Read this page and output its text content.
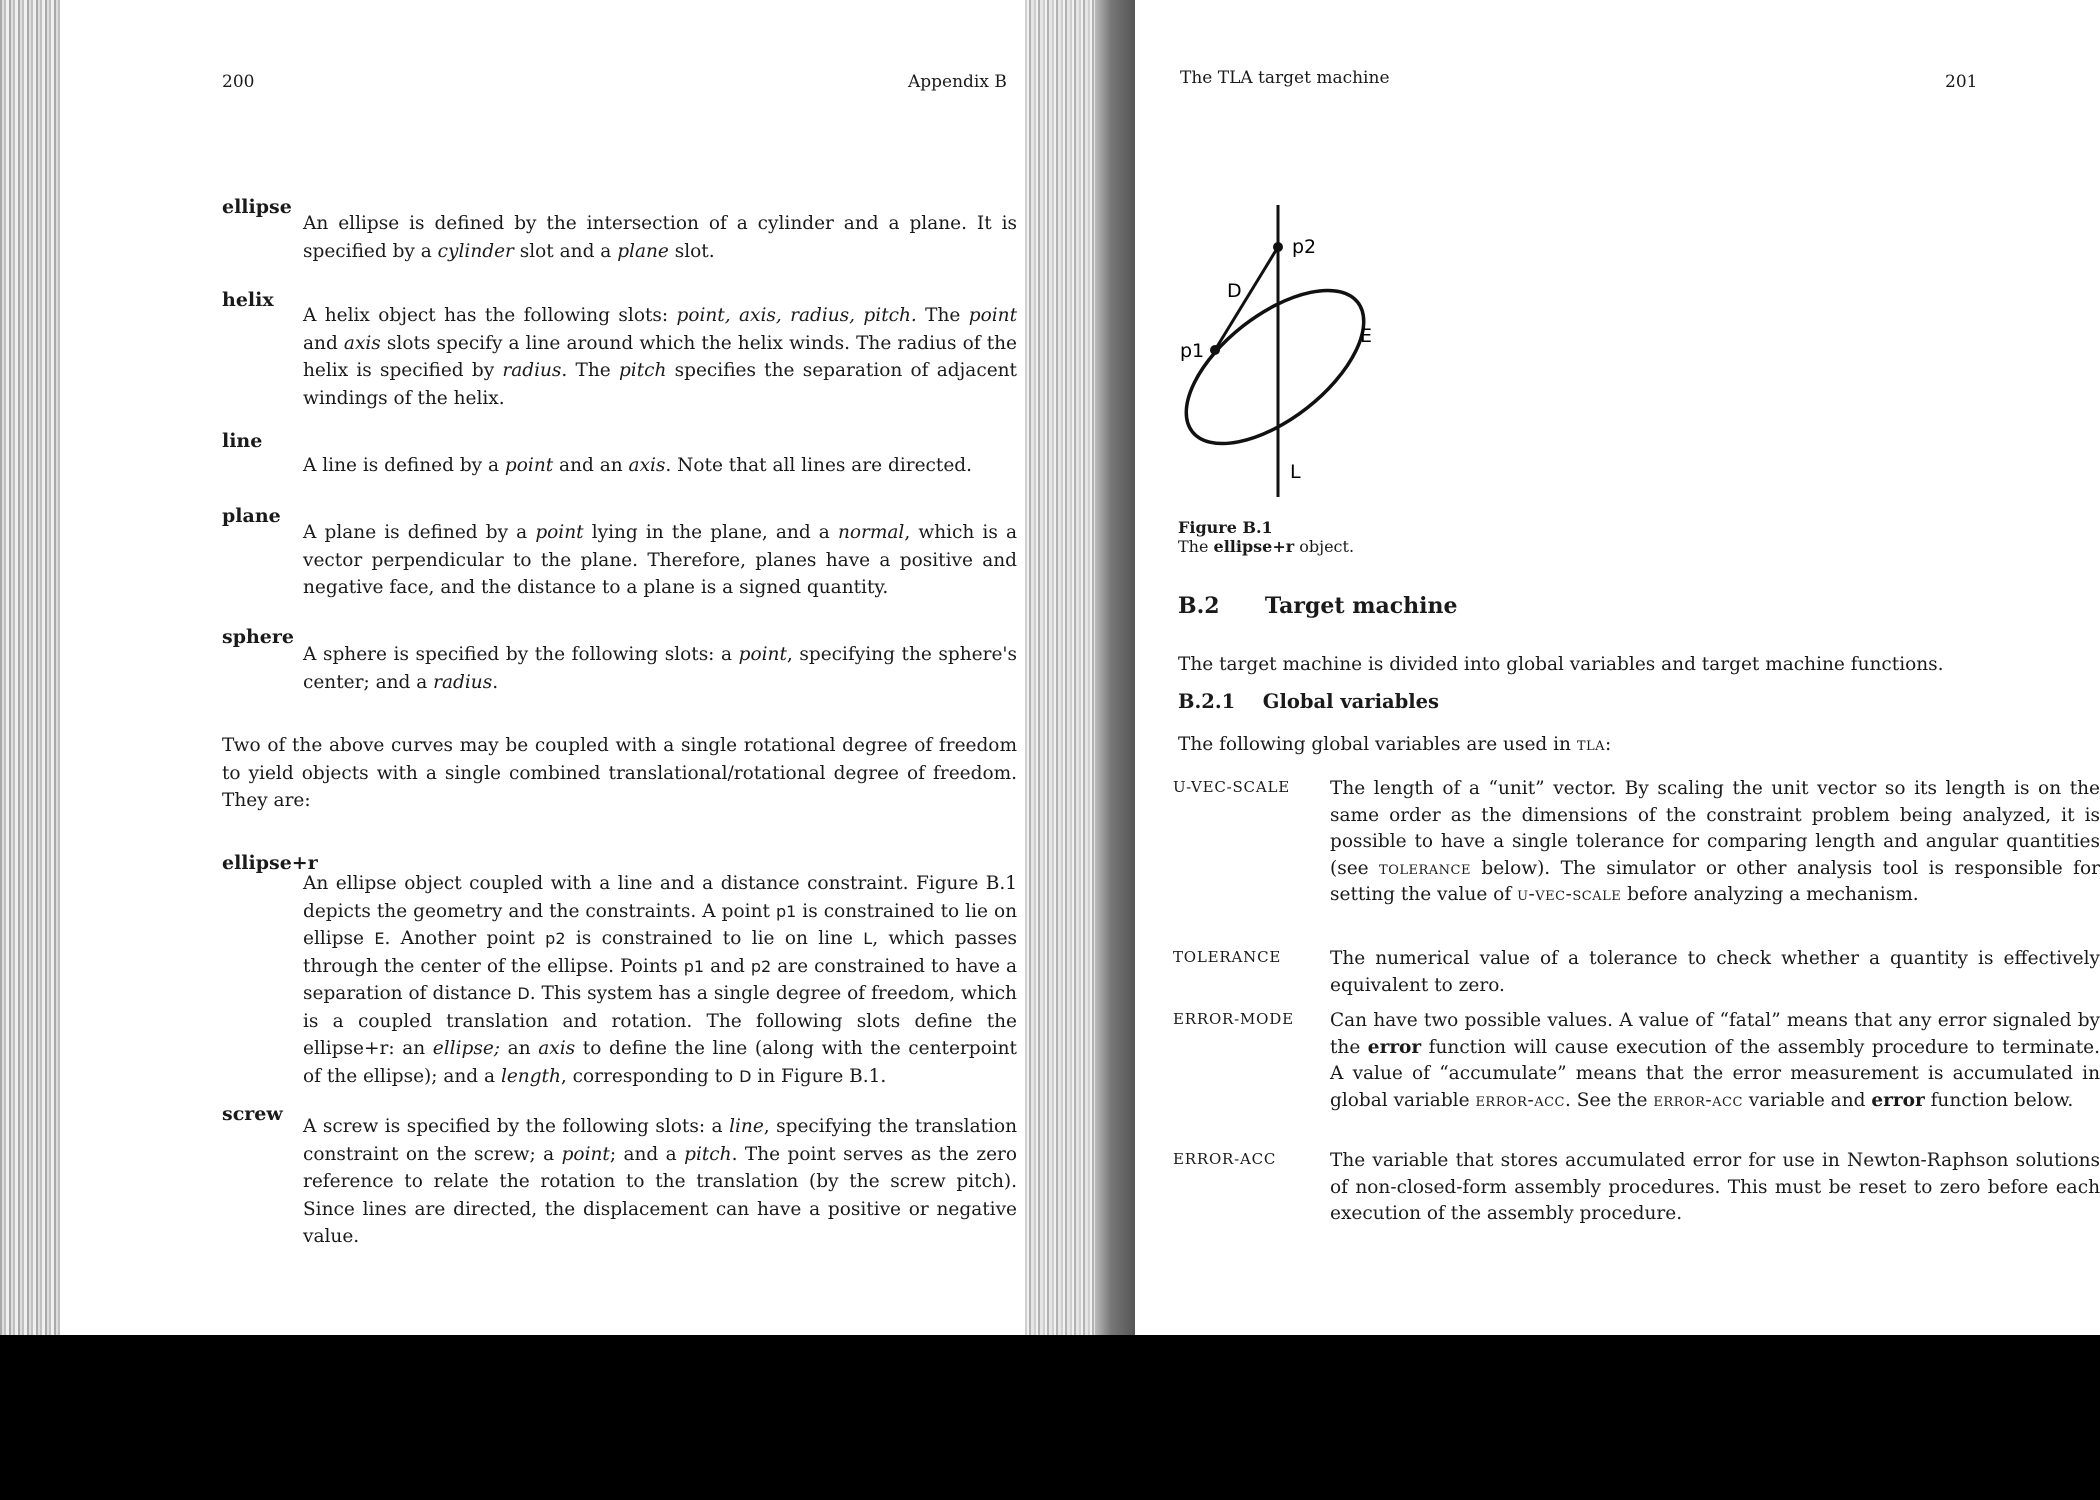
200	Appendix B
ellipse
An ellipse is defined by the intersection of a cylinder and a plane. It is specified by a cylinder slot and a plane slot.
helix
A helix object has the following slots: point, axis, radius, pitch. The point and axis slots specify a line around which the helix winds. The radius of the helix is specified by radius. The pitch specifies the separation of adjacent windings of the helix.
line
A line is defined by a point and an axis. Note that all lines are directed.
plane
A plane is defined by a point lying in the plane, and a normal, which is a vector perpendicular to the plane. Therefore, planes have a positive and negative face, and the distance to a plane is a signed quantity.
sphere
A sphere is specified by the following slots: a point, specifying the sphere's center; and a radius.
Two of the above curves may be coupled with a single rotational degree of freedom to yield objects with a single combined translational/rotational degree of freedom. They are:
ellipse+r
An ellipse object coupled with a line and a distance constraint. Figure B.1 depicts the geometry and the constraints. A point p1 is constrained to lie on ellipse E. Another point p2 is constrained to lie on line L, which passes through the center of the ellipse. Points p1 and p2 are constrained to have a separation of distance D. This system has a single degree of freedom, which is a coupled translation and rotation. The following slots define the ellipse+r: an ellipse; an axis to define the line (along with the centerpoint of the ellipse); and a length, corresponding to D in Figure B.1.
screw
A screw is specified by the following slots: a line, specifying the translation constraint on the screw; a point; and a pitch. The point serves as the zero reference to relate the rotation to the translation (by the screw pitch). Since lines are directed, the displacement can have a positive or negative value.
The TLA target machine	201
p2
D
p1
E
L
Figure B.1
The ellipse+r object.
B.2 Target machine
The target machine is divided into global variables and target machine functions.
B.2.1 Global variables
The following global variables are used in tla:
U-VEC-SCALE The length of a “unit” vector. By scaling the unit vector so its length is on the same order as the dimensions of the constraint problem being analyzed, it is possible to have a single tolerance for comparing length and angular quantities (see tolerance below). The simulator or other analysis tool is responsible for setting the value of u-vec-scale before analyzing a mechanism.
TOLERANCE	The numerical value of a tolerance to check whether a quantity is effectively equivalent to zero.
ERROR-MODE Can have two possible values. A value of “fatal” means that any error signaled by the error function will cause execution of the assembly procedure to terminate. A value of “accumulate” means that the error measurement is accumulated in global variable error-acc. See the error-acc variable and error function below.
ERROR-ACC	The variable that stores accumulated error for use in Newton-Raphson solutions of non-closed-form assembly procedures. This must be reset to zero before each execution of the assembly procedure.
